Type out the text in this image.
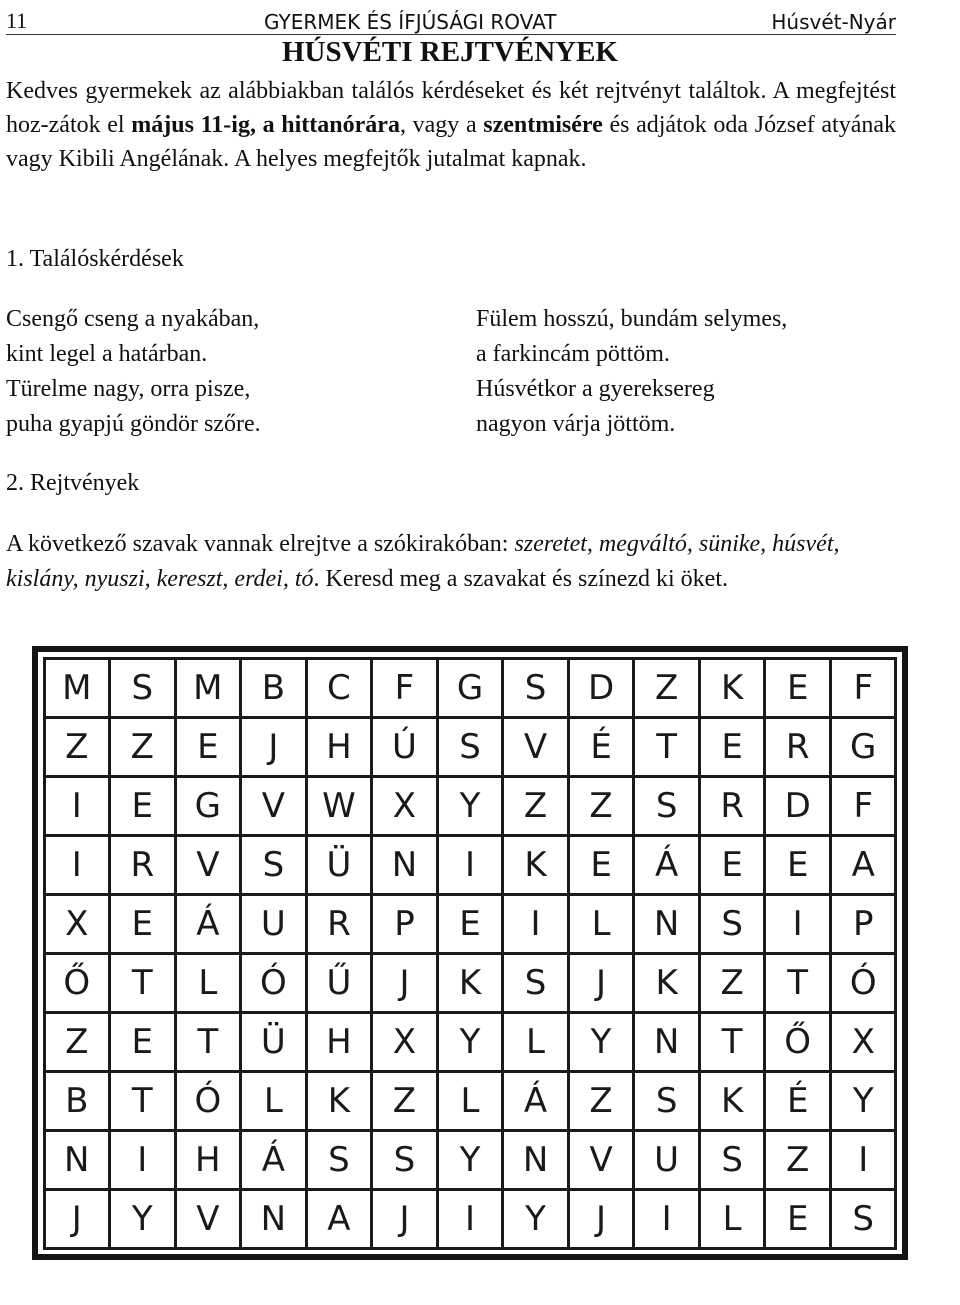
11	GYERMEK ÉS ÍFJÚSÁGI ROVAT	Húsvét-Nyár
HÚSVÉTI REJTVÉNYEK
Kedves gyermekek az alábbiakban találós kérdéseket és két rejtvényt találtok. A megfejtést hoz-zátok el május 11-ig, a hittanórára, vagy a szentmisére és adjátok oda József atyának vagy Kibili Angélának. A helyes megfejtők jutalmat kapnak.
1. Találóskérdések
Csengő cseng a nyakában,
kint legel a határban.
Türelme nagy, orra pisze,
puha gyapjú göndör szőre.
Fülem hosszú, bundám selymes,
a farkincám pöttöm.
Húsvétkor a gyereksereg
nagyon várja jöttöm.
2. Rejtvények
A következő szavak vannak elrejtve a szókirakóban: szeretet, megváltó, sünike, húsvét, kislány, nyuszi, kereszt, erdei, tó. Keresd meg a szavakat és színezd ki öket.
M	S	M	B	C	F	G	S	D	Z	K	E	F
Z	Z	E	J	H	Ú	S	V	É	T	E	R	G
I	E	G	V	W	X	Y	Z	Z	S	R	D	F
I	R	V	S	Ü	N	I	K	E	Á	E	E	A
X	E	Á	U	R	P	E	I	L	N	S	I	P
Ő	T	L	Ó	Ű	J	K	S	J	K	Z	T	Ó
Z	E	T	Ü	H	X	Y	L	Y	N	T	Ő	X
B	T	Ó	L	K	Z	L	Á	Z	S	K	É	Y
N	I	H	Á	S	S	Y	N	V	U	S	Z	I
J	Y	V	N	A	J	I	Y	J	I	L	E	S
